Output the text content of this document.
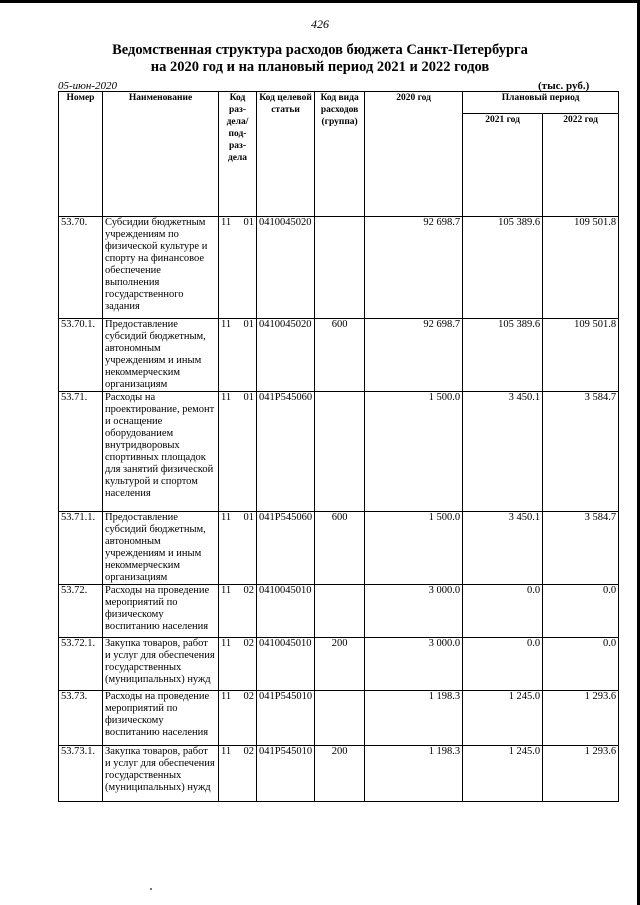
426
Ведомственная структура расходов бюджета Санкт-Петербурга
на 2020 год и на плановый период 2021 и 2022 годов
05-июн-2020	(тыс. руб.)
Номер	Наименование	Код раз- дела/ под- раз- дела	Код целевой статьи	Код вида расходов (группа)	2020 год	Плановый период	
						2021 год	2022 год
53.70.	Субсидии бюджетным учреждениям по физической культуре и спорту на финансовое обеспечение выполнения государственного задания	11 01	0410045020		92 698.7	105 389.6	109 501.8
53.70.1.	Предоставление субсидий бюджетным, автономным учреждениям и иным некоммерческим организациям	11 01	0410045020	600	92 698.7	105 389.6	109 501.8
53.71.	Расходы на проектирование, ремонт и оснащение оборудованием внутридворовых спортивных площадок для занятий физической культурой и спортом населения	11 01	041P545060		1 500.0	3 450.1	3 584.7
53.71.1.	Предоставление субсидий бюджетным, автономным учреждениям и иным некоммерческим организациям	11 01	041P545060	600	1 500.0	3 450.1	3 584.7
53.72.	Расходы на проведение мероприятий по физическому воспитанию населения	11 02	0410045010		3 000.0	0.0	0.0
53.72.1.	Закупка товаров, работ и услуг для обеспечения государственных (муниципальных) нужд	11 02	0410045010	200	3 000.0	0.0	0.0
53.73.	Расходы на проведение мероприятий по физическому воспитанию населения	11 02	041P545010		1 198.3	1 245.0	1 293.6
53.73.1.	Закупка товаров, работ и услуг для обеспечения государственных (муниципальных) нужд	11 02	041P545010	200	1 198.3	1 245.0	1 293.6
